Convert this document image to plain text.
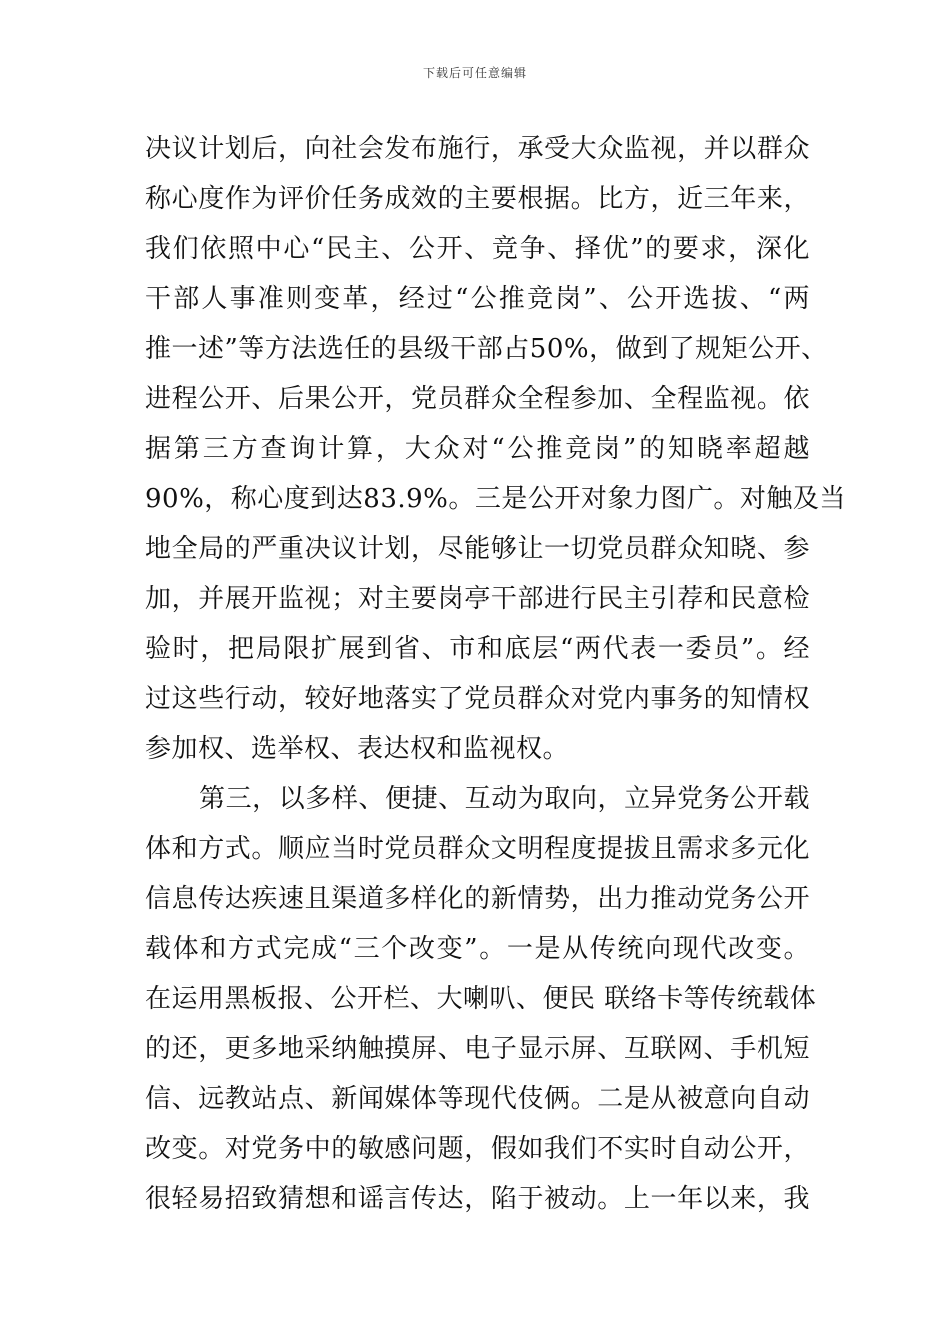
下载后可任意编辑
决议计划后，向社会发布施行，承受大众监视，并以群众
称心度作为评价任务成效的主要根据。比方，近三年来，
我们依照中心“民主、公开、竞争、择优”的要求，深化
干部人事准则变革，经过“公推竞岗”、公开选拔、“两
推一述”等方法选任的县级干部占50%，做到了规矩公开、
进程公开、后果公开，党员群众全程参加、全程监视。依
据第三方查询计算，大众对“公推竞岗”的知晓率超越
90%，称心度到达83.9%。三是公开对象力图广。对触及当
地全局的严重决议计划，尽能够让一切党员群众知晓、参
加，并展开监视；对主要岗亭干部进行民主引荐和民意检
验时，把局限扩展到省、市和底层“两代表一委员”。经
过这些行动，较好地落实了党员群众对党内事务的知情权
参加权、选举权、表达权和监视权。
第三，以多样、便捷、互动为取向，立异党务公开载
体和方式。顺应当时党员群众文明程度提拔且需求多元化
信息传达疾速且渠道多样化的新情势，出力推动党务公开
载体和方式完成“三个改变”。一是从传统向现代改变。
在运用黑板报、公开栏、大喇叭、便民 联络卡等传统载体
的还，更多地采纳触摸屏、电子显示屏、互联网、手机短
信、远教站点、新闻媒体等现代伎俩。二是从被意向自动
改变。对党务中的敏感问题，假如我们不实时自动公开，
很轻易招致猜想和谣言传达，陷于被动。上一年以来，我
